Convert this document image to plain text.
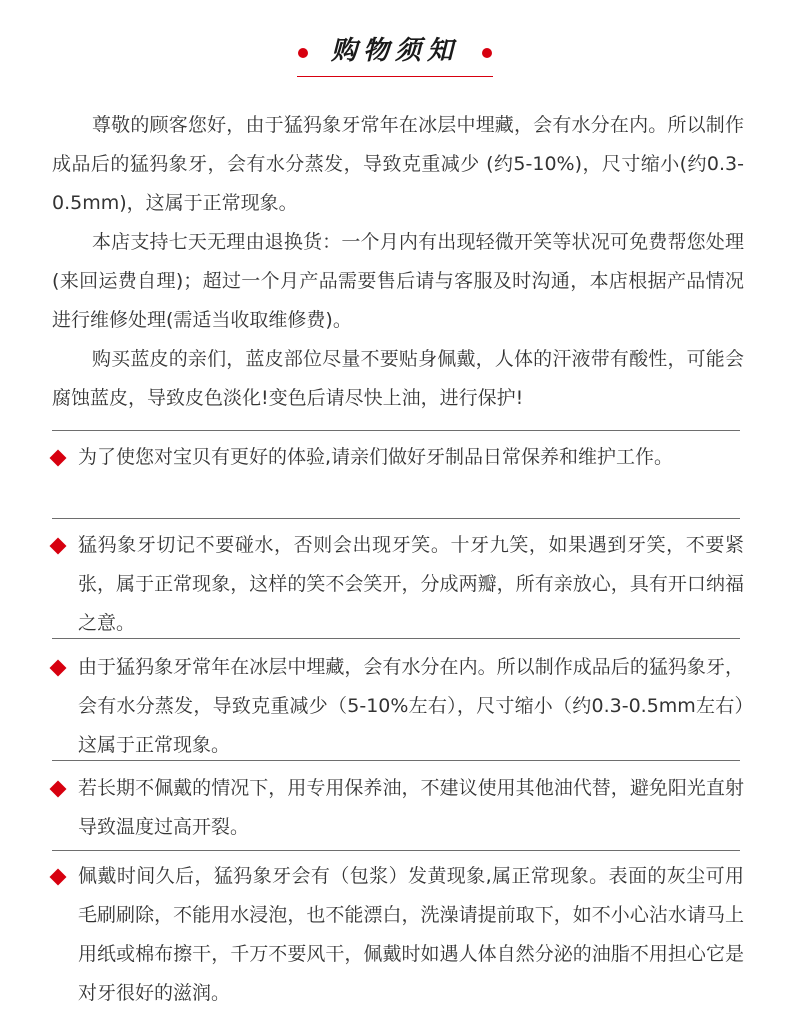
购物须知

尊敬的顾客您好，由于猛犸象牙常年在冰层中埋藏，会有水分在内。所以制作成品后的猛犸象牙，会有水分蒸发，导致克重减少 (约5-10%)，尺寸缩小(约0.3-0.5mm)，这属于正常现象。

本店支持七天无理由退换货：一个月内有出现轻微开笑等状况可免费帮您处理 (来回运费自理)；超过一个月产品需要售后请与客服及时沟通，本店根据产品情况进行维修处理(需适当收取维修费)。

购买蓝皮的亲们，蓝皮部位尽量不要贴身佩戴，人体的汗液带有酸性，可能会腐蚀蓝皮，导致皮色淡化!变色后请尽快上油，进行保护!

为了使您对宝贝有更好的体验,请亲们做好牙制品日常保养和维护工作。
猛犸象牙切记不要碰水，否则会出现牙笑。十牙九笑，如果遇到牙笑，不要紧张，属于正常现象，这样的笑不会笑开，分成两瓣，所有亲放心，具有开口纳福之意。
由于猛犸象牙常年在冰层中埋藏，会有水分在内。所以制作成品后的猛犸象牙，会有水分蒸发，导致克重减少（5-10%左右），尺寸缩小（约0.3-0.5mm左右）这属于正常现象。
若长期不佩戴的情况下，用专用保养油，不建议使用其他油代替，避免阳光直射导致温度过高开裂。
佩戴时间久后，猛犸象牙会有（包浆）发黄现象,属正常现象。表面的灰尘可用毛刷刷除，不能用水浸泡，也不能漂白，洗澡请提前取下，如不小心沾水请马上用纸或棉布擦干，千万不要风干，佩戴时如遇人体自然分泌的油脂不用担心它是对牙很好的滋润。
